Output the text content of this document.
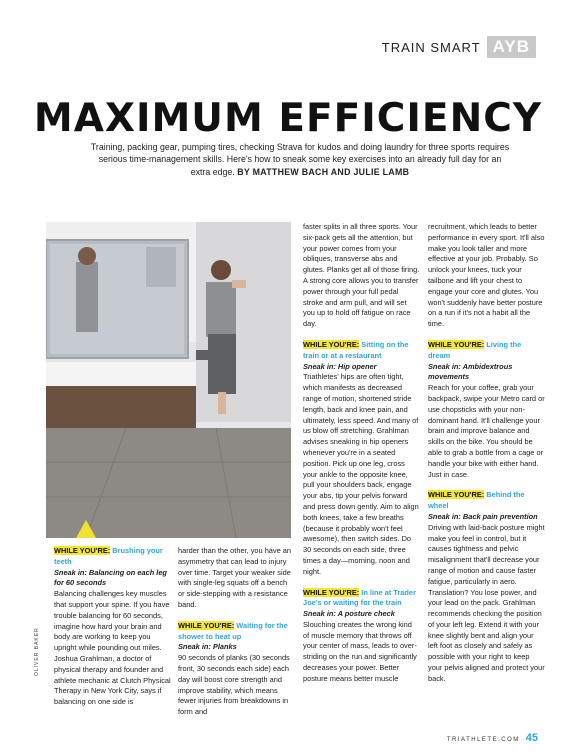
TRAIN SMART AYB
MAXIMUM EFFICIENCY
Training, packing gear, pumping tires, checking Strava for kudos and doing laundry for three sports requires serious time-management skills. Here's how to sneak some key exercises into an already full day for an extra edge. BY MATTHEW BACH AND JULIE LAMB
OLIVER BAKER

WHILE YOU'RE: Brushing your teeth

Sneak in: Balancing on each leg for 60 seconds

Balancing challenges key muscles that support your spine. If you have trouble balancing for 60 seconds, imagine how hard your brain and body are working to keep you upright while pounding out miles. Joshua Grahlman, a doctor of physical therapy and founder and athlete mechanic at Clutch Physical Therapy in New York City, says if balancing on one side is

harder than the other, you have an asymmetry that can lead to injury over time. Target your weaker side with single-leg squats off a bench or side-stepping with a resistance band.

WHILE YOU'RE: Waiting for the shower to heat up

Sneak in: Planks

90 seconds of planks (30 seconds front, 30 seconds each side) each day will boost core strength and improve stability, which means fewer injuries from breakdowns in form and

faster splits in all three sports. Your six-pack gets all the attention, but your power comes from your obliques, transverse abs and glutes. Planks get all of those firing. A strong core allows you to transfer power through your full pedal stroke and arm pull, and will set you up to hold off fatigue on race day.

WHILE YOU'RE: Sitting on the train or at a restaurant

Sneak in: Hip opener

Triathletes' hips are often tight, which manifests as decreased range of motion, shortened stride length, back and knee pain, and ultimately, less speed. And many of us blow off stretching. Grahlman advises sneaking in hip openers whenever you're in a seated position. Pick up one leg, cross your ankle to the opposite knee, pull your shoulders back, engage your abs, tip your pelvis forward and press down gently. Aim to align both knees, take a few breaths (because it probably won't feel awesome), then switch sides. Do 30 seconds on each side, three times a day—morning, noon and night.

WHILE YOU'RE: In line at Trader Joe's or waiting for the train

Sneak in: A posture check

Slouching creates the wrong kind of muscle memory that throws off your center of mass, leads to over-striding on the run and significantly decreases your power. Better posture means better muscle

recruitment, which leads to better performance in every sport. It'll also make you look taller and more effective at your job. Probably. So unlock your knees, tuck your tailbone and lift your chest to engage your core and glutes. You won't suddenly have better posture on a run if it's not a habit all the time.

WHILE YOU'RE: Living the dream

Sneak in: Ambidextrous movements

Reach for your coffee, grab your backpack, swipe your Metro card or use chopsticks with your non-dominant hand. It'll challenge your brain and improve balance and skills on the bike. You should be able to grab a bottle from a cage or handle your bike with either hand. Just in case.

WHILE YOU'RE: Behind the wheel

Sneak in: Back pain prevention

Driving with laid-back posture might make you feel in control, but it causes tightness and pelvic misalignment that'll decrease your range of motion and cause faster fatigue, particularly in aero. Translation? You lose power, and your lead on the pack. Grahlman recommends checking the position of your left leg. Extend it with your knee slightly bent and align your left foot as closely and safely as possible with your right to keep your pelvis aligned and protect your back.

TRIATHLETE.COM 45
